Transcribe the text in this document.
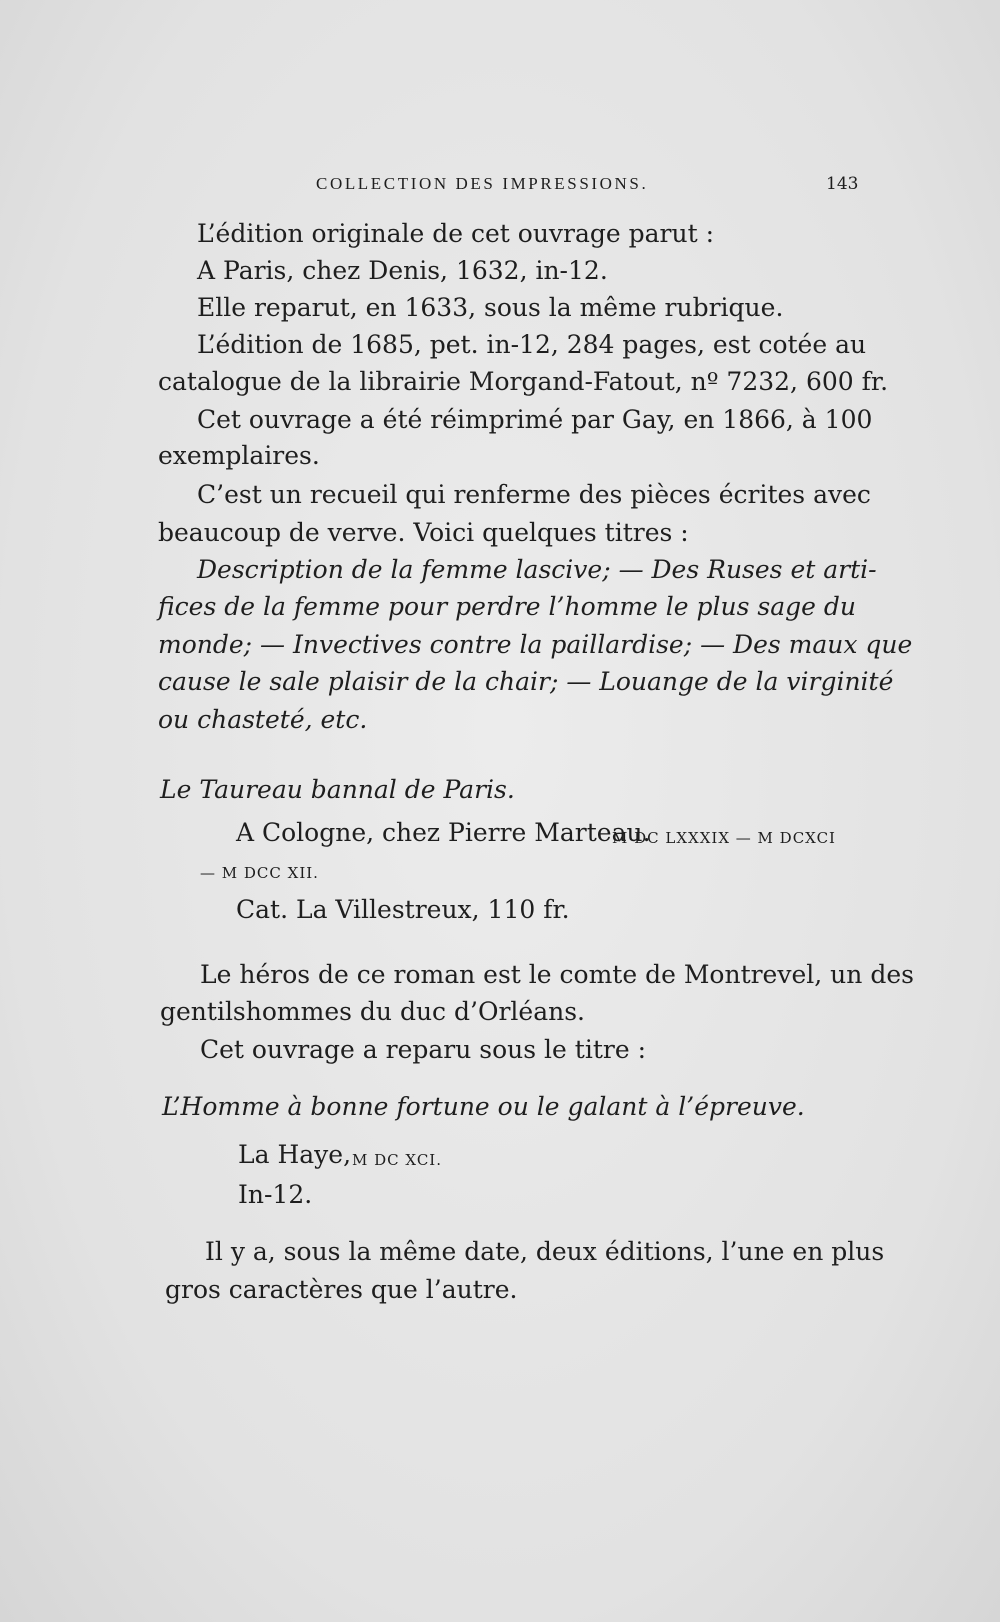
COLLECTION DES IMPRESSIONS.	143
L’édition originale de cet ouvrage parut :
A Paris, chez Denis, 1632, in-12.
Elle reparut, en 1633, sous la même rubrique.
L’édition de 1685, pet. in-12, 284 pages, est cotée au
catalogue de la librairie Morgand-Fatout, nº 7232, 600 fr.
Cet ouvrage a été réimprimé par Gay, en 1866, à 100
exemplaires.
C’est un recueil qui renferme des pièces écrites avec
beaucoup de verve. Voici quelques titres :
Description de la femme lascive; — Des Ruses et arti-
fices de la femme pour perdre l’homme le plus sage du
monde; — Invectives contre la paillardise; — Des maux que
cause le sale plaisir de la chair; — Louange de la virginité
ou chasteté, etc.
Le Taureau bannal de Paris.
A Cologne, chez Pierre Marteau.
M DC LXXXIX — M DCXCI
— M DCC XII.
Cat. La Villestreux, 110 fr.
Le héros de ce roman est le comte de Montrevel, un des
gentilshommes du duc d’Orléans.
Cet ouvrage a reparu sous le titre :
L’Homme à bonne fortune ou le galant à l’épreuve.
La Haye, M DC XCI.
In-12.
Il y a, sous la même date, deux éditions, l’une en plus
gros caractères que l’autre.
